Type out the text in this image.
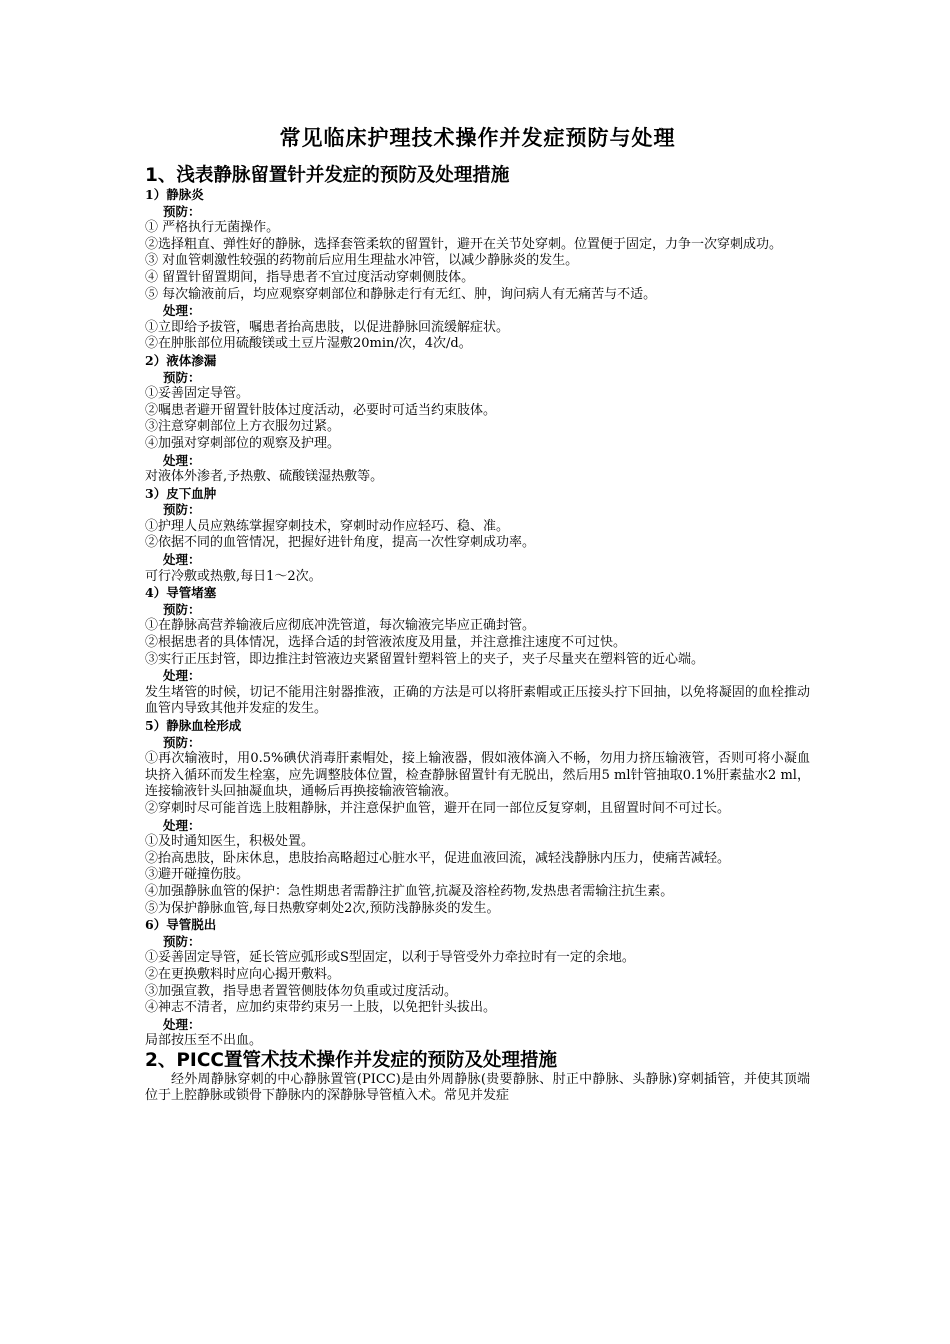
常见临床护理技术操作并发症预防与处理
1、浅表静脉留置针并发症的预防及处理措施
1）静脉炎
预防：

① 严格执行无菌操作。

②选择粗直、弹性好的静脉，选择套管柔软的留置针，避开在关节处穿刺。位置便于固定，力争一次穿刺成功。

③ 对血管刺激性较强的药物前后应用生理盐水冲管，以减少静脉炎的发生。

④ 留置针留置期间，指导患者不宜过度活动穿刺侧肢体。

⑤ 每次输液前后，均应观察穿刺部位和静脉走行有无红、肿，询问病人有无痛苦与不适。

处理：

①立即给予拔管，嘱患者抬高患肢，以促进静脉回流缓解症状。

②在肿胀部位用硫酸镁或土豆片湿敷20min/次，4次/d。

2）液体渗漏
预防：

①妥善固定导管。

②嘱患者避开留置针肢体过度活动，必要时可适当约束肢体。

③注意穿刺部位上方衣服勿过紧。

④加强对穿刺部位的观察及护理。

处理：

对液体外渗者,予热敷、硫酸镁湿热敷等。

3）皮下血肿
预防：

①护理人员应熟练掌握穿刺技术，穿刺时动作应轻巧、稳、准。

②依据不同的血管情况，把握好进针角度，提高一次性穿刺成功率。

处理：

可行冷敷或热敷,每日1～2次。

4）导管堵塞
预防：

①在静脉高营养输液后应彻底冲洗管道，每次输液完毕应正确封管。

②根据患者的具体情况，选择合适的封管液浓度及用量，并注意推注速度不可过快。

③实行正压封管，即边推注封管液边夹紧留置针塑料管上的夹子，夹子尽量夹在塑料管的近心端。

处理：

发生堵管的时候，切记不能用注射器推液，正确的方法是可以将肝素帽或正压接头拧下回抽，以免将凝固的血栓推动血管内导致其他并发症的发生。

5）静脉血栓形成
预防：

①再次输液时，用0.5%碘伏消毒肝素帽处，接上输液器，假如液体滴入不畅，勿用力挤压输液管，否则可将小凝血块挤入循环而发生栓塞，应先调整肢体位置，检查静脉留置针有无脱出，然后用5 ml针管抽取0.1%肝素盐水2 ml，连接输液针头回抽凝血块，通畅后再换接输液管输液。

②穿刺时尽可能首选上肢粗静脉，并注意保护血管，避开在同一部位反复穿刺，且留置时间不可过长。

处理：

①及时通知医生，积极处置。

②抬高患肢，卧床休息，患肢抬高略超过心脏水平，促进血液回流，减轻浅静脉内压力，使痛苦减轻。

③避开碰撞伤肢。

④加强静脉血管的保护：急性期患者需静注扩血管,抗凝及溶栓药物,发热患者需输注抗生素。

⑤为保护静脉血管,每日热敷穿刺处2次,预防浅静脉炎的发生。

6）导管脱出
预防：

①妥善固定导管，延长管应弧形或S型固定，以利于导管受外力牵拉时有一定的余地。

②在更换敷料时应向心揭开敷料。

③加强宣教，指导患者置管侧肢体勿负重或过度活动。

④神志不清者，应加约束带约束另一上肢，以免把针头拔出。

处理：

局部按压至不出血。

2、PICC置管术技术操作并发症的预防及处理措施

经外周静脉穿刺的中心静脉置管(PICC)是由外周静脉(贵要静脉、肘正中静脉、头静脉)穿刺插管，并使其顶端位于上腔静脉或锁骨下静脉内的深静脉导管植入术。常见并发症
